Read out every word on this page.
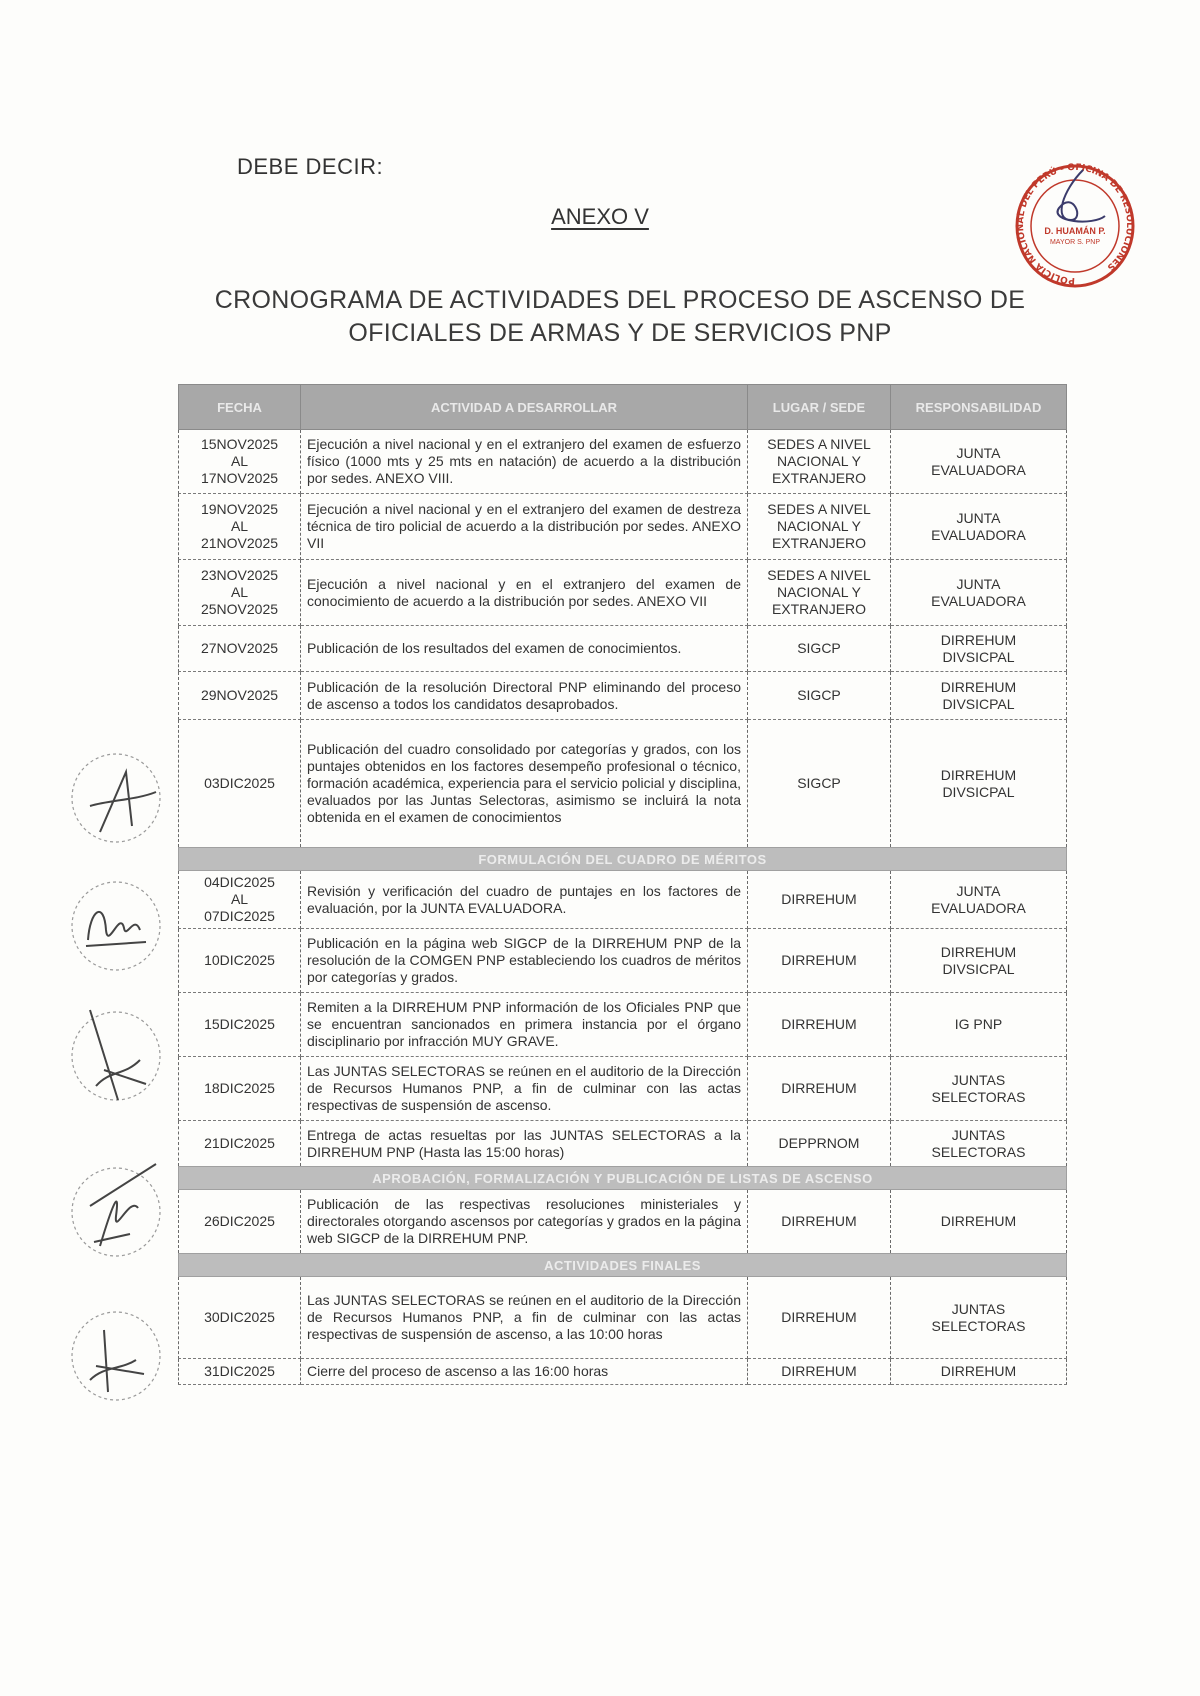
DEBE DECIR:
ANEXO V
CRONOGRAMA DE ACTIVIDADES DEL PROCESO DE ASCENSO DE
OFICIALES DE ARMAS Y DE SERVICIOS PNP
POLICÍA NACIONAL DEL PERÚ - OFICINA DE RESOLUCIONES
D. HUAMÁN P.
MAYOR S. PNP
FECHA	ACTIVIDAD A DESARROLLAR	LUGAR / SEDE	RESPONSABILIDAD
15NOV2025
AL
17NOV2025	Ejecución a nivel nacional y en el extranjero del examen de esfuerzo físico (1000 mts y 25 mts en natación) de acuerdo a la distribución por sedes. ANEXO VIII.	SEDES A NIVEL
NACIONAL Y
EXTRANJERO	JUNTA
EVALUADORA
19NOV2025
AL
21NOV2025	Ejecución a nivel nacional y en el extranjero del examen de destreza técnica de tiro policial de acuerdo a la distribución por sedes. ANEXO VII	SEDES A NIVEL
NACIONAL Y
EXTRANJERO	JUNTA
EVALUADORA
23NOV2025
AL
25NOV2025	Ejecución a nivel nacional y en el extranjero del examen de conocimiento de acuerdo a la distribución por sedes. ANEXO VII	SEDES A NIVEL
NACIONAL Y
EXTRANJERO	JUNTA
EVALUADORA
27NOV2025	Publicación de los resultados del examen de conocimientos.	SIGCP	DIRREHUM
DIVSICPAL
29NOV2025	Publicación de la resolución Directoral PNP eliminando del proceso de ascenso a todos los candidatos desaprobados.	SIGCP	DIRREHUM
DIVSICPAL
03DIC2025	Publicación del cuadro consolidado por categorías y grados, con los puntajes obtenidos en los factores desempeño profesional o técnico, formación académica, experiencia para el servicio policial y disciplina, evaluados por las Juntas Selectoras, asimismo se incluirá la nota obtenida en el examen de conocimientos	SIGCP	DIRREHUM
DIVSICPAL
FORMULACIÓN DEL CUADRO DE MÉRITOS			
04DIC2025
AL
07DIC2025	Revisión y verificación del cuadro de puntajes en los factores de evaluación, por la JUNTA EVALUADORA.	DIRREHUM	JUNTA
EVALUADORA
10DIC2025	Publicación en la página web SIGCP de la DIRREHUM PNP de la resolución de la COMGEN PNP estableciendo los cuadros de méritos por categorías y grados.	DIRREHUM	DIRREHUM
DIVSICPAL
15DIC2025	Remiten a la DIRREHUM PNP información de los Oficiales PNP que se encuentran sancionados en primera instancia por el órgano disciplinario por infracción MUY GRAVE.	DIRREHUM	IG PNP
18DIC2025	Las JUNTAS SELECTORAS se reúnen en el auditorio de la Dirección de Recursos Humanos PNP, a fin de culminar con las actas respectivas de suspensión de ascenso.	DIRREHUM	JUNTAS
SELECTORAS
21DIC2025	Entrega de actas resueltas por las JUNTAS SELECTORAS a la DIRREHUM PNP (Hasta las 15:00 horas)	DEPPRNOM	JUNTAS
SELECTORAS
APROBACIÓN, FORMALIZACIÓN Y PUBLICACIÓN DE LISTAS DE ASCENSO			
26DIC2025	Publicación de las respectivas resoluciones ministeriales y directorales otorgando ascensos por categorías y grados en la página web SIGCP de la DIRREHUM PNP.	DIRREHUM	DIRREHUM
ACTIVIDADES FINALES			
30DIC2025	Las JUNTAS SELECTORAS se reúnen en el auditorio de la Dirección de Recursos Humanos PNP, a fin de culminar con las actas respectivas de suspensión de ascenso, a las 10:00 horas	DIRREHUM	JUNTAS
SELECTORAS
31DIC2025	Cierre del proceso de ascenso a las 16:00 horas	DIRREHUM	DIRREHUM
